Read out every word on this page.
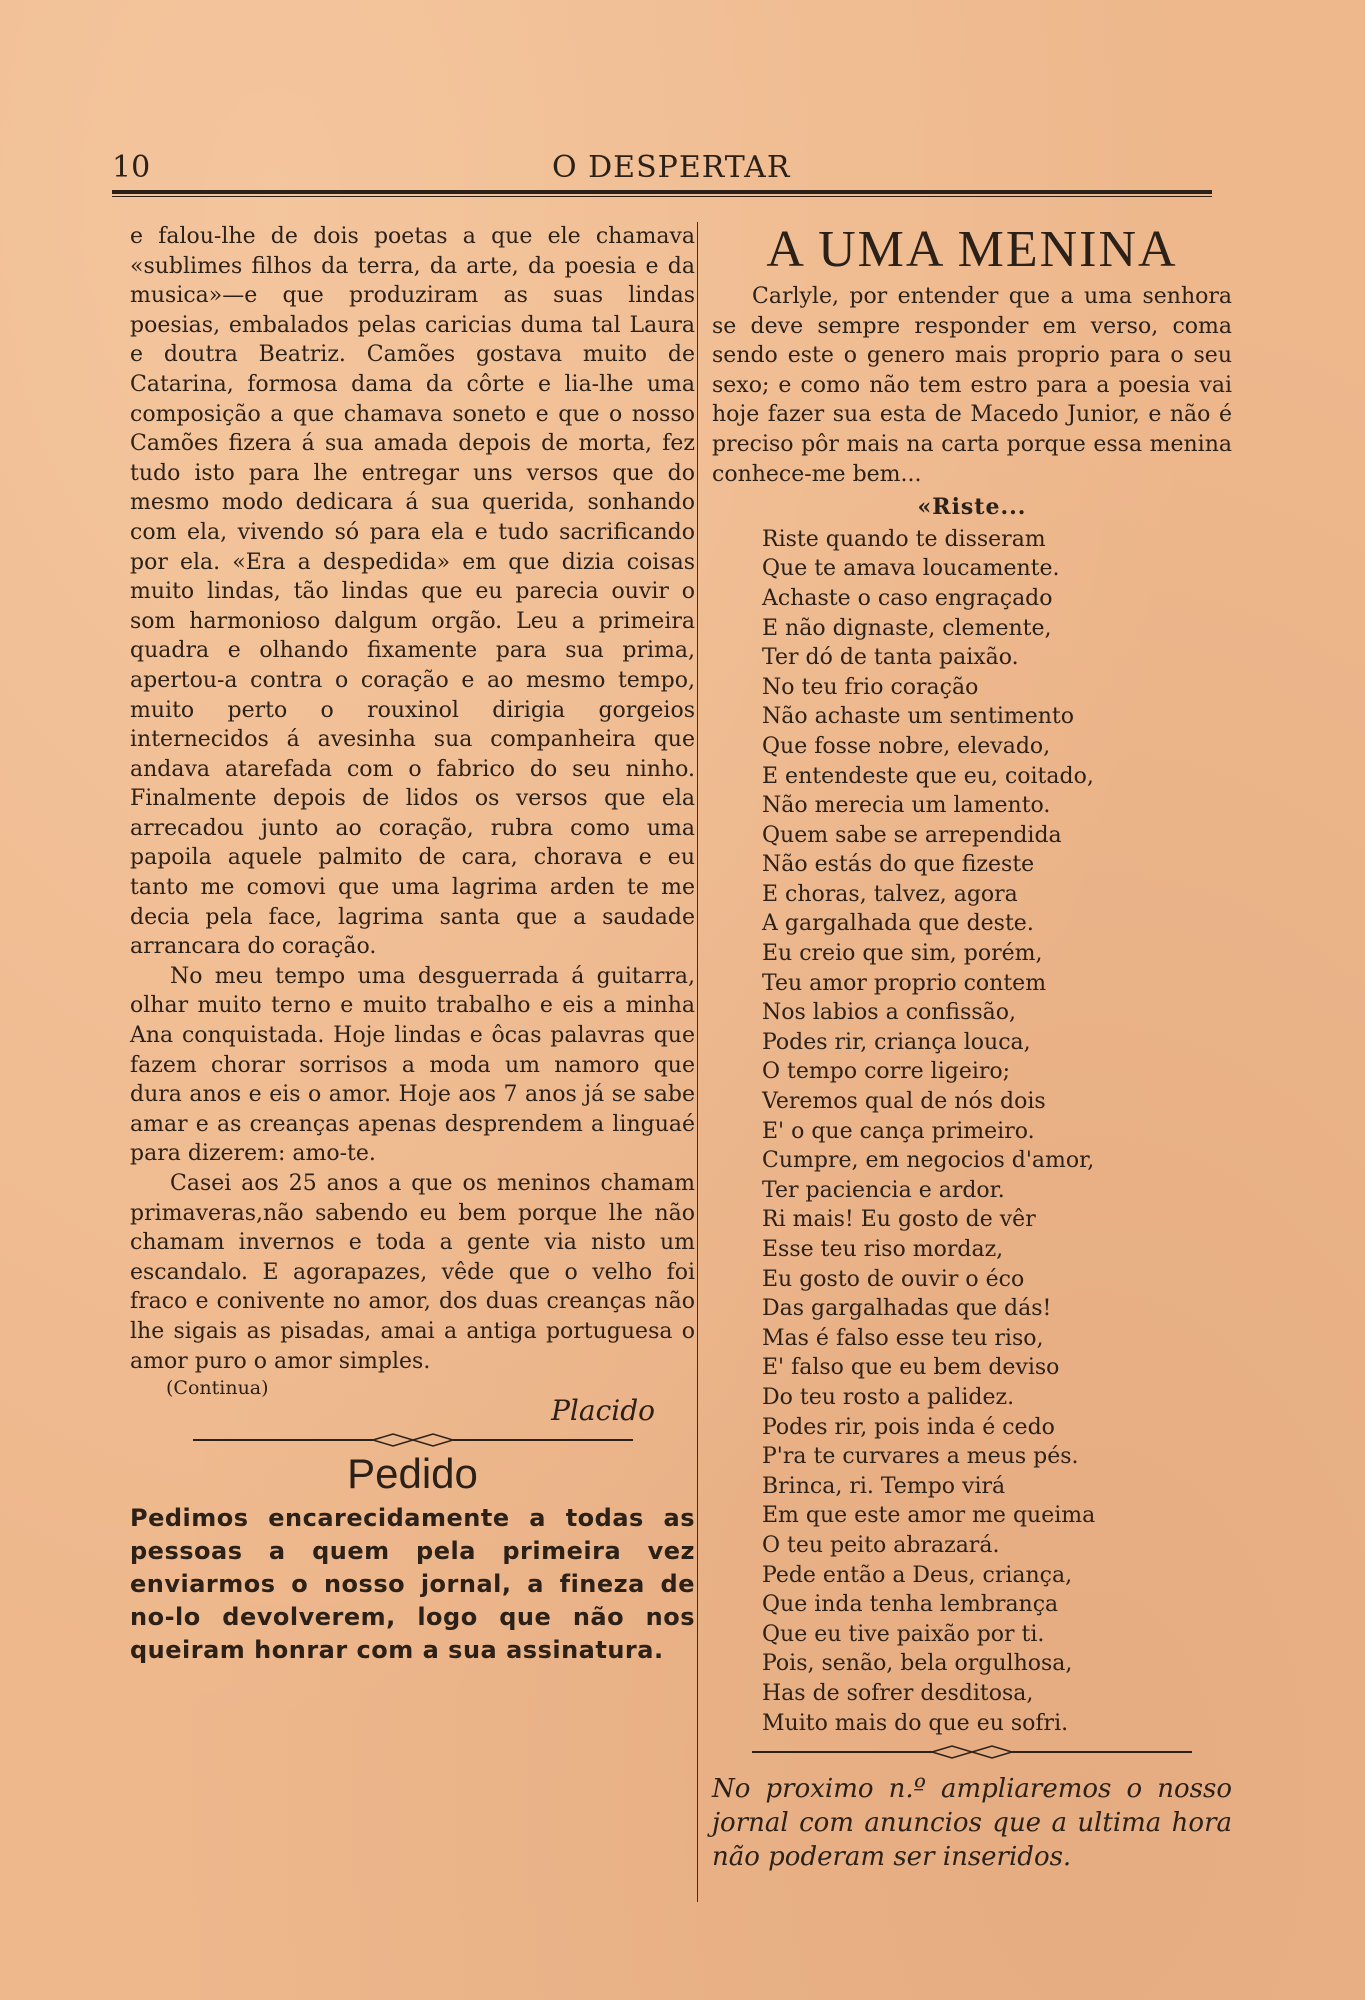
10	O DESPERTAR

e falou-lhe de dois poetas a que ele chamava «sublimes filhos da terra, da arte, da poesia e da musica»—e que produziram as suas lindas poesias, embalados pelas caricias duma tal Laura e doutra Beatriz. Camões gostava muito de Catarina, formosa dama da côrte e lia-lhe uma composição a que chamava soneto e que o nosso Camões fizera á sua amada depois de morta, fez tudo isto para lhe entregar uns versos que do mesmo modo dedicara á sua querida, sonhando com ela, vivendo só para ela e tudo sacrificando por ela. «Era a despedida» em que dizia coisas muito lindas, tão lindas que eu parecia ouvir o som harmonioso dalgum orgão. Leu a primeira quadra e olhando fixamente para sua prima, apertou-a contra o coração e ao mesmo tempo, muito perto o rouxinol dirigia gorgeios internecidos á avesinha sua companheira que andava atarefada com o fabrico do seu ninho. Finalmente depois de lidos os versos que ela arrecadou junto ao coração, rubra como uma papoila aquele palmito de cara, chorava e eu tanto me comovi que uma lagrima arden te me decia pela face, lagrima santa que a saudade arrancara do coração.

No meu tempo uma desguerrada á guitarra, olhar muito terno e muito trabalho e eis a minha Ana conquistada. Hoje lindas e ôcas palavras que fazem chorar sorrisos a moda um namoro que dura anos e eis o amor. Hoje aos 7 anos já se sabe amar e as creanças apenas desprendem a linguaé para dizerem: amo-te.

Casei aos 25 anos a que os meninos chamam primaveras,não sabendo eu bem porque lhe não chamam invernos e toda a gente via nisto um escandalo. E agorapazes, vêde que o velho foi fraco e conivente no amor, dos duas creanças não lhe sigais as pisadas, amai a antiga portuguesa o amor puro o amor simples.

(Continua)

Placido
Pedido

Pedimos encarecidamente a todas as pessoas a quem pela primeira vez enviarmos o nosso jornal, a fineza de no-lo devolverem, logo que não nos queiram honrar com a sua assinatura.

A UMA MENINA

Carlyle, por entender que a uma senhora se deve sempre responder em verso, coma sendo este o genero mais proprio para o seu sexo; e como não tem estro para a poesia vai hoje fazer sua esta de Macedo Junior, e não é preciso pôr mais na carta porque essa menina conhece-me bem...

«Riste...
Riste quando te disseram
Que te amava loucamente.
Achaste o caso engraçado
E não dignaste, clemente,
Ter dó de tanta paixão.
No teu frio coração
Não achaste um sentimento
Que fosse nobre, elevado,
E entendeste que eu, coitado,
Não merecia um lamento.
Quem sabe se arrependida
Não estás do que fizeste
E choras, talvez, agora
A gargalhada que deste.
Eu creio que sim, porém,
Teu amor proprio contem
Nos labios a confissão,
Podes rir, criança louca,
O tempo corre ligeiro;
Veremos qual de nós dois
E' o que cança primeiro.
Cumpre, em negocios d'amor,
Ter paciencia e ardor.
Ri mais! Eu gosto de vêr
Esse teu riso mordaz,
Eu gosto de ouvir o éco
Das gargalhadas que dás!
Mas é falso esse teu riso,
E' falso que eu bem deviso
Do teu rosto a palidez.
Podes rir, pois inda é cedo
P'ra te curvares a meus pés.
Brinca, ri. Tempo virá
Em que este amor me queima
O teu peito abrazará.
Pede então a Deus, criança,
Que inda tenha lembrança
Que eu tive paixão por ti.
Pois, senão, bela orgulhosa,
Has de sofrer desditosa,
Muito mais do que eu sofri.

No proximo n.º ampliaremos o nosso jornal com anuncios que a ultima hora não poderam ser inseridos.
